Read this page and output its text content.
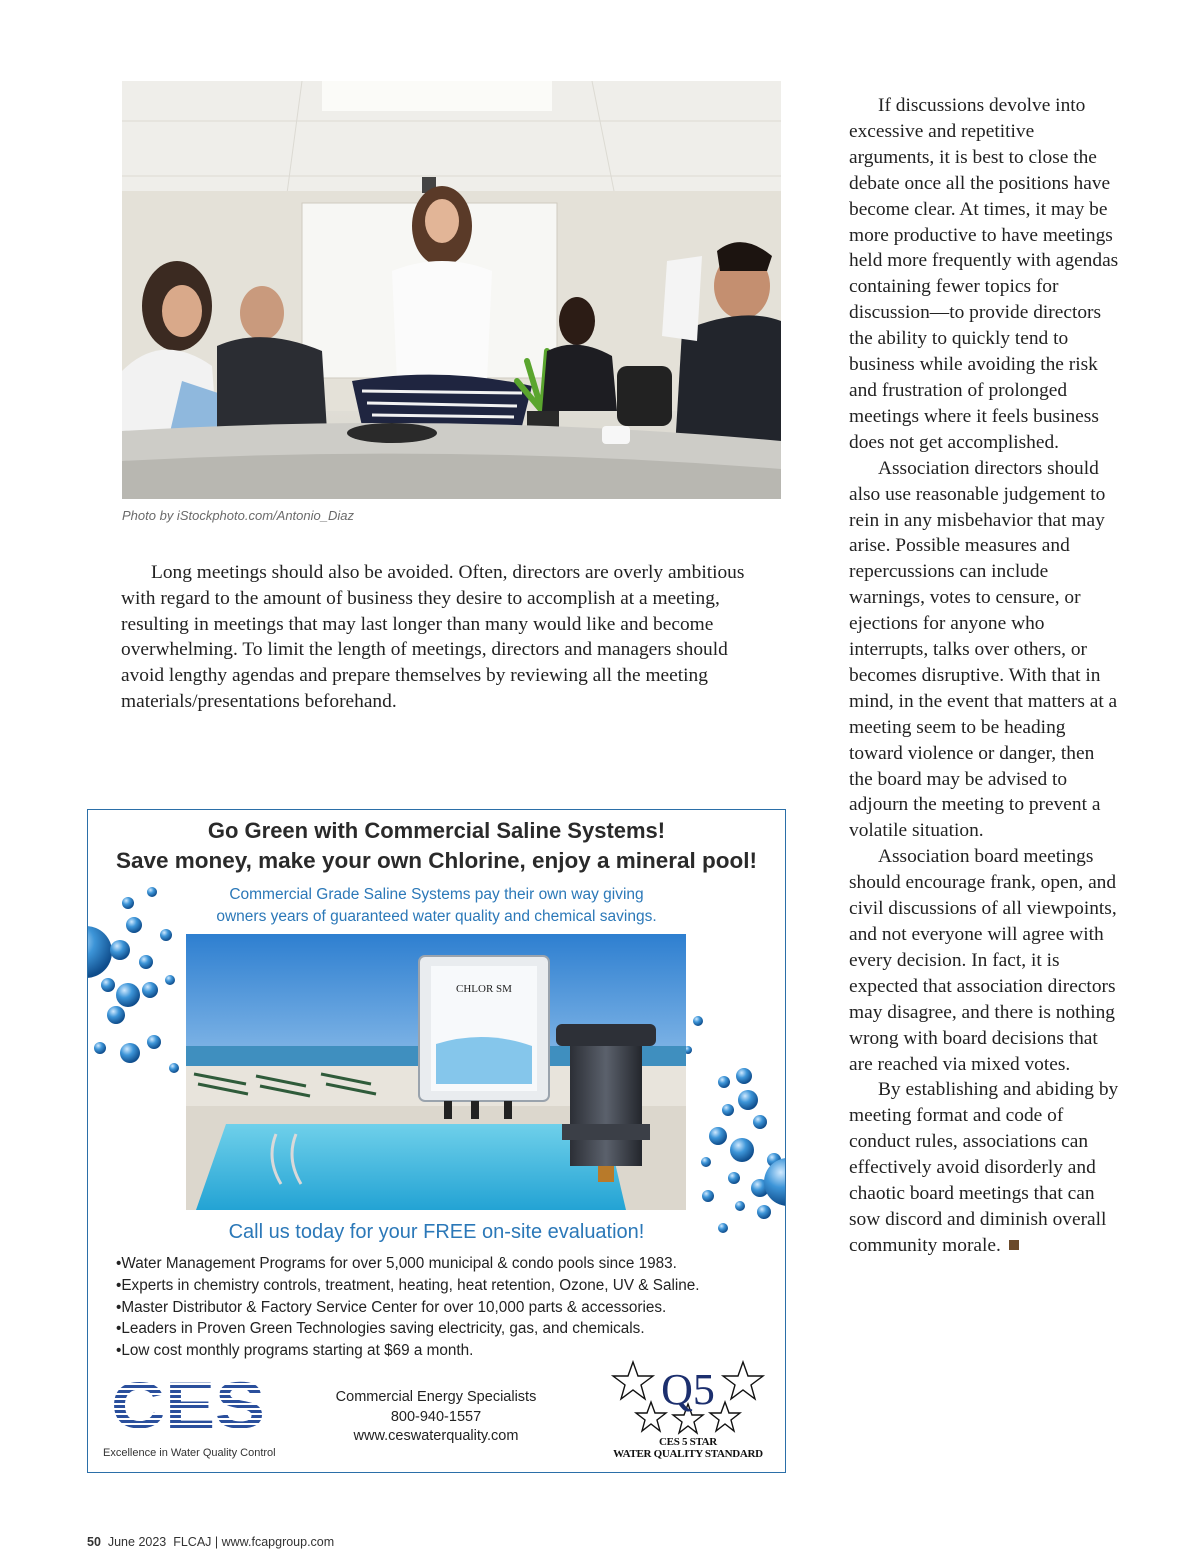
Photo by iStockphoto.com/Antonio_Diaz

Long meetings should also be avoided. Often, directors are overly ambitious with regard to the amount of business they desire to accomplish at a meeting, resulting in meetings that may last longer than many would like and become overwhelming. To limit the length of meetings, directors and managers should avoid lengthy agendas and prepare themselves by reviewing all the meeting materials/presentations beforehand.

If discussions devolve into excessive and repetitive arguments, it is best to close the debate once all the positions have become clear. At times, it may be more productive to have meetings held more frequently with agendas containing fewer topics for discussion—to provide directors the ability to quickly tend to business while avoiding the risk and frustration of prolonged meetings where it feels business does not get accomplished.

Association directors should also use reasonable judgement to rein in any misbehavior that may arise. Possible measures and repercussions can include warnings, votes to censure, or ejections for anyone who interrupts, talks over others, or becomes disruptive. With that in mind, in the event that matters at a meeting seem to be heading toward violence or danger, then the board may be advised to adjourn the meeting to prevent a volatile situation.

Association board meetings should encourage frank, open, and civil discussions of all viewpoints, and not everyone will agree with every decision. In fact, it is expected that association directors may disagree, and there is nothing wrong with board decisions that are reached via mixed votes.

By establishing and abiding by meeting format and code of conduct rules, associations can effectively avoid disorderly and chaotic board meetings that can sow discord and diminish overall community morale.

Go Green with Commercial Saline Systems!
Save money, make your own Chlorine, enjoy a mineral pool!
Commercial Grade Saline Systems pay their own way giving
owners years of guaranteed water quality and chemical savings.
CHLOR SM
Call us today for your FREE on-site evaluation!
• Water Management Programs for over 5,000 municipal & condo pools since 1983.
• Experts in chemistry controls, treatment, heating, heat retention, Ozone, UV & Saline.
• Master Distributor & Factory Service Center for over 10,000 parts & accessories.
• Leaders in Proven Green Technologies saving electricity, gas, and chemicals.
• Low cost monthly programs starting at $69 a month.
CES
Excellence in Water Quality Control
Commercial Energy Specialists
800-940-1557
www.ceswaterquality.com
Q5
CES 5 STAR
WATER QUALITY STANDARD
50 June 2023 FLCAJ | www.fcapgroup.com
